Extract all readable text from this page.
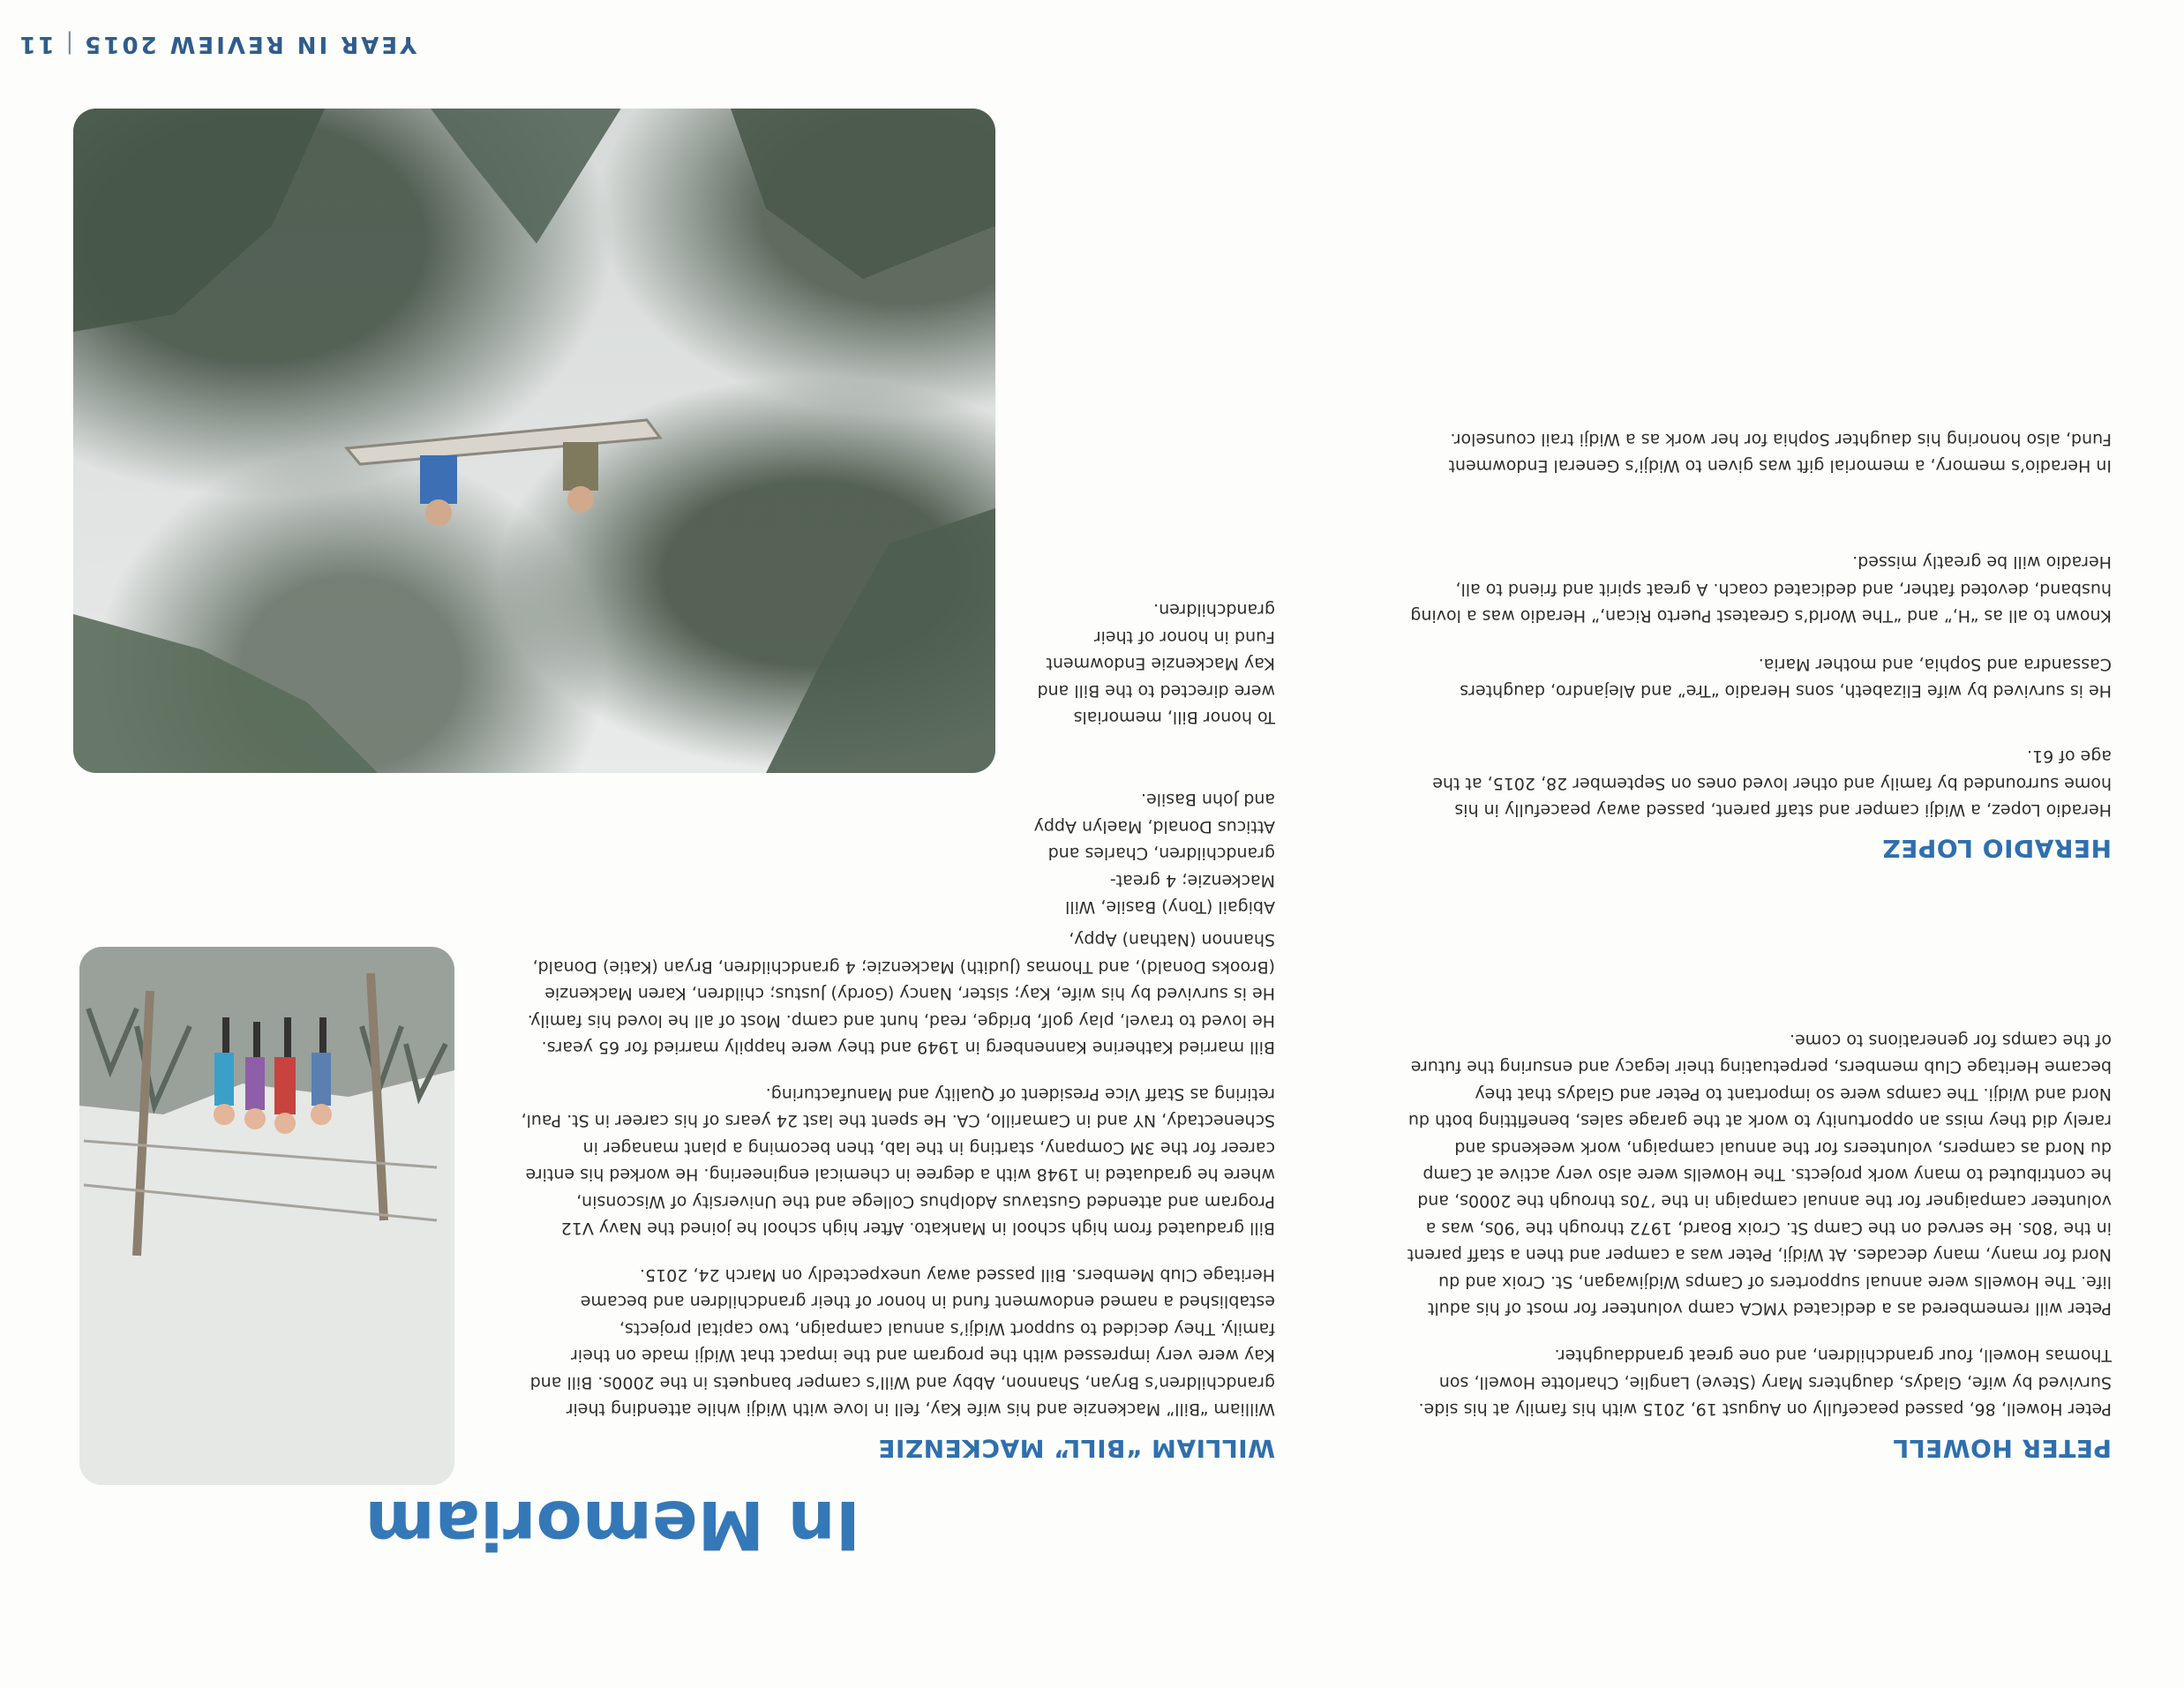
YEAR IN REVIEW 2015|11
In Memoriam
WILLIAM “BILL” MACKENZIE

William “Bill” Mackenzie and his wife Kay, fell in love with Widji while attending their grandchildren’s Bryan, Shannon, Abby and Will’s camper banquets in the 2000s. Bill and Kay were very impressed with the program and the impact that Widji made on their family. They decided to support Widji’s annual campaign, two capital projects, established a named endowment fund in honor of their grandchildren and became Heritage Club Members. Bill passed away unexpectedly on March 24, 2015.

Bill graduated from high school in Mankato. After high school he joined the Navy V12 Program and attended Gustavus Adolphus College and the University of Wisconsin, where he graduated in 1948 with a degree in chemical engineering. He worked his entire career for the 3M Company, starting in the lab, then becoming a plant manager in Schenectady, NY and in Camarillo, CA. He spent the last 24 years of his career in St. Paul, retiring as Staff Vice President of Quality and Manufacturing.

Bill married Katherine Kannenberg in 1949 and they were happily married for 65 years. He loved to travel, play golf, bridge, read, hunt and camp. Most of all he loved his family. He is survived by his wife, Kay; sister, Nancy (Gordy) Justus; children, Karen Mackenzie (Brooks Donald), and Thomas (Judith) Mackenzie; 4 grandchildren, Bryan (Katie) Donald, Shannon (Nathan) Appy,

Abigail (Tony) Basile, Will Mackenzie; 4 great-grandchildren, Charles and Atticus Donald, Maelyn Appy and John Basile.

To honor Bill, memorials were directed to the Bill and Kay Mackenzie Endowment Fund in honor of their grandchildren.

PETER HOWELL

Peter Howell, 86, passed peacefully on August 19, 2015 with his family at his side. Survived by wife, Gladys, daughters Mary (Steve) Langlie, Charlotte Howell, son Thomas Howell, four grandchildren, and one great granddaughter.

Peter will remembered as a dedicated YMCA camp volunteer for most of his adult life. The Howells were annual supporters of Camps Widjiwagan, St. Croix and du Nord for many, many decades. At Widji, Peter was a camper and then a staff parent in the ’80s. He served on the Camp St. Croix Board, 1972 through the ’90s, was a volunteer campaigner for the annual campaign in the ’70s through the 2000s, and he contributed to many work projects. The Howells were also very active at Camp du Nord as campers, volunteers for the annual campaign, work weekends and rarely did they miss an opportunity to work at the garage sales, benefitting both du Nord and Widji. The camps were so important to Peter and Gladys that they became Heritage Club members, perpetuating their legacy and ensuring the future of the camps for generations to come.

HERADIO LOPEZ

Heradio Lopez, a Widji camper and staff parent, passed away peacefully in his home surrounded by family and other loved ones on September 28, 2015, at the age of 61.

He is survived by wife Elizabeth, sons Heradio “Tre” and Alejandro, daughters Cassandra and Sophia, and mother Maria.

Known to all as “H,” and “The World’s Greatest Puerto Rican,” Heradio was a loving husband, devoted father, and dedicated coach. A great spirit and friend to all, Heradio will be greatly missed.

In Heradio’s memory, a memorial gift was given to Widji’s General Endowment Fund, also honoring his daughter Sophia for her work as a Widji trail counselor.
